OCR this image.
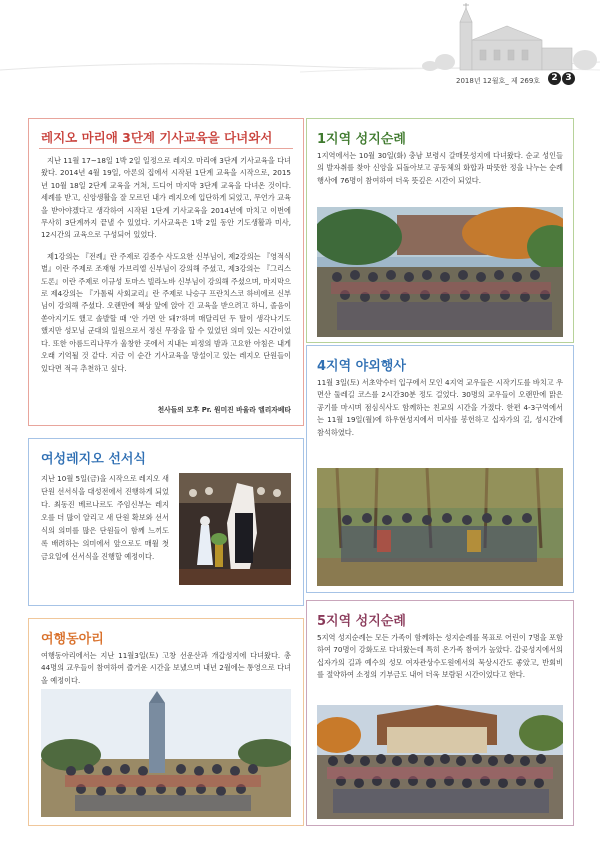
2018년 12월호_ 제 269호	2 3
레지오 마리애 3단계 기사교육을 다녀와서

지난 11월 17~18일 1박 2일 일정으로 레지오 마리애 3단계 기사교육을 다녀왔다. 2014년 4월 19일, 아론의 집에서 시작된 1단계 교육을 시작으로, 2015년 10월 18일 2단계 교육을 거쳐, 드디어 마지막 3단계 교육을 다녀온 것이다. 세례를 받고, 신앙생활을 잘 모르던 내가 레지오에 입단하게 되었고, 무언가 교육을 받아야겠다고 생각하여 시작된 1단계 기사교육을 2014년에 마치고 이번에 무사히 3단계까지 끝낼 수 있었다. 기사교육은 1박 2일 동안 기도생활과 미사, 12시간의 교육으로 구성되어 있었다.

제1강의는 『전례』란 주제로 김종수 사도요한 신부님이, 제2강의는 『영적식별』이란 주제로 조재형 가브리엘 신부님이 강의해 주셨고, 제3강의는 『그리스도론』이란 주제로 이규성 토마스 빌라노바 신부님이 강의해 주셨으며, 마지막으로 제4강의는 『가톨릭 사회교리』란 주제로 나승구 프란치스코 하비에르 신부님이 강의해 주셨다. 오랜만에 책상 앞에 앉아 긴 교육을 받으려고 하니, 졸음이 쏟아지기도 했고 솔발할 때 '안 가면 안 돼?'하며 매달리던 두 딸이 생각나기도 했지만 성모님 군대의 일원으로서 정신 무장을 할 수 있었던 의미 있는 시간이었다. 또한 아름드리나무가 울창한 곳에서 지내는 피정의 밤과 고요한 아침은 내게 오래 기억될 것 같다. 지금 이 순간 기사교육을 망설이고 있는 레지오 단원들이 있다면 적극 추천하고 싶다.

천사들의 모후 Pr. 원미진 바울라 엘리자베타
1지역 성지순례
1지역에서는 10월 30일(화) 충남 보령시 갈매못성지에 다녀왔다. 순교 성인들의 발자취를 찾아 신앙을 되돌아보고 공동체의 화합과 따뜻한 정을 나누는 순례 행사에 76명이 참여하여 더욱 뜻깊은 시간이 되었다.
4지역 야외행사
11월 3일(토) 서초약수터 입구에서 모인 4지역 교우들은 시작기도를 바치고 우면산 둘레길 코스를 2시간30분 정도 걸었다. 30명의 교우들이 오랜만에 맑은 공기를 마시며 점심식사도 함께하는 친교의 시간을 가졌다. 한편 4-3구역에서는 11월 19일(월)에 하우현성지에서 미사를 봉헌하고 십자가의 길, 성시간에 참석하였다.
여성레지오 선서식
지난 10월 5일(금)을 시작으로 레지오 새 단원 선서식을 대성전에서 진행하게 되었다. 최동진 베르나르도 주임신부는 레지오를 더 많이 알리고 새 단원 확보와 선서식의 의미를 많은 단원들이 함께 느끼도록 배려하는 의미에서 앞으로도 매월 첫 금요일에 선서식을 진행할 예정이다.
여행동아리
여행동아리에서는 지난 11월3일(토) 고창 선운산과 개갑성지에 다녀왔다. 총 44명의 교우들이 참여하여 즐거운 시간을 보냈으며 내년 2월에는 통영으로 다녀올 예정이다.
5지역 성지순례
5지역 성지순례는 모든 가족이 함께하는 성지순례를 목표로 어린이 7명을 포함하여 70명이 강화도로 다녀왔는데 특히 온가족 참여가 높았다. 갑곶성지에서의 십자가의 길과 예수의 성모 여자관상수도원에서의 묵상시간도 좋았고, 반회비를 절약하여 소정의 기부금도 내어 더욱 보람된 시간이었다고 한다.
